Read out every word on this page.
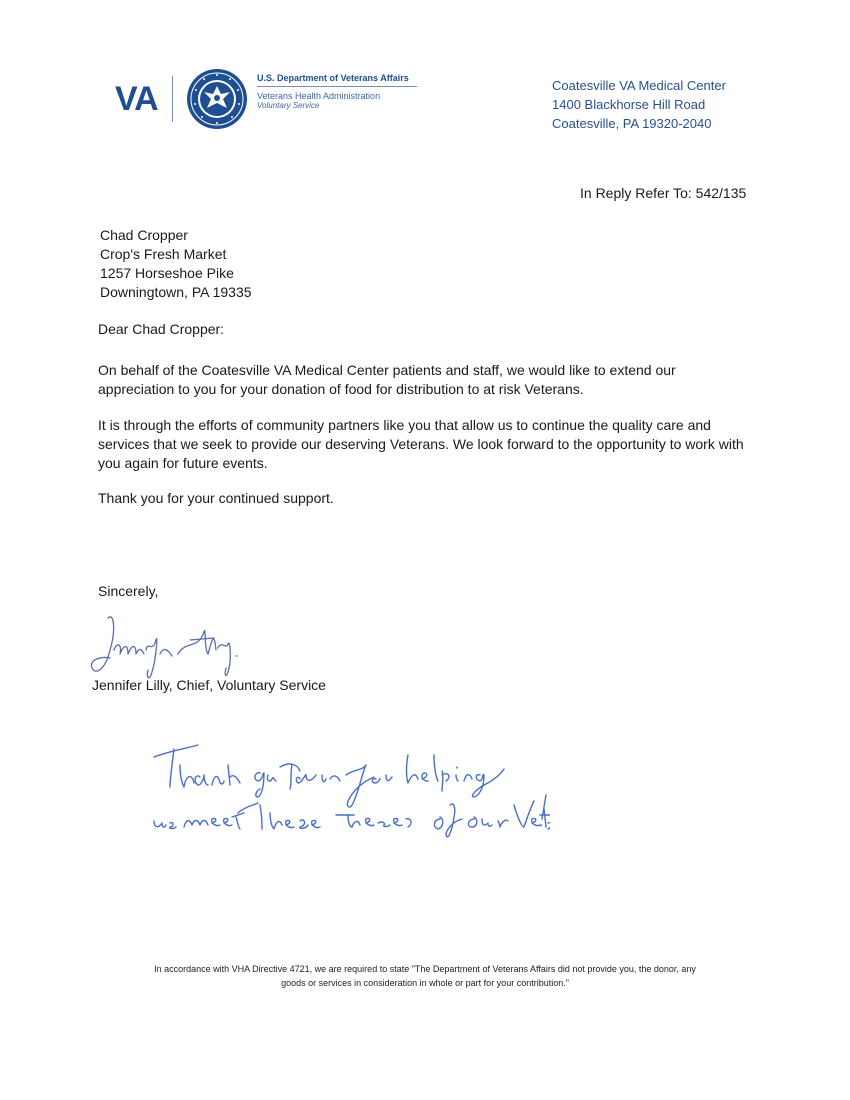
VA
U.S. Department of Veterans Affairs
Veterans Health Administration
Voluntary Service
Coatesville VA Medical Center
1400 Blackhorse Hill Road
Coatesville, PA 19320-2040
In Reply Refer To: 542/135
Chad Cropper
Crop's Fresh Market
1257 Horseshoe Pike
Downingtown, PA 19335
Dear Chad Cropper:
On behalf of the Coatesville VA Medical Center patients and staff, we would like to extend our appreciation to you for your donation of food for distribution to at risk Veterans.
It is through the efforts of community partners like you that allow us to continue the quality care and services that we seek to provide our deserving Veterans. We look forward to the opportunity to work with you again for future events.
Thank you for your continued support.
Sincerely,
Jennifer Lilly, Chief, Voluntary Service
In accordance with VHA Directive 4721, we are required to state "The Department of Veterans Affairs did not provide you, the donor, any
goods or services in consideration in whole or part for your contribution."
